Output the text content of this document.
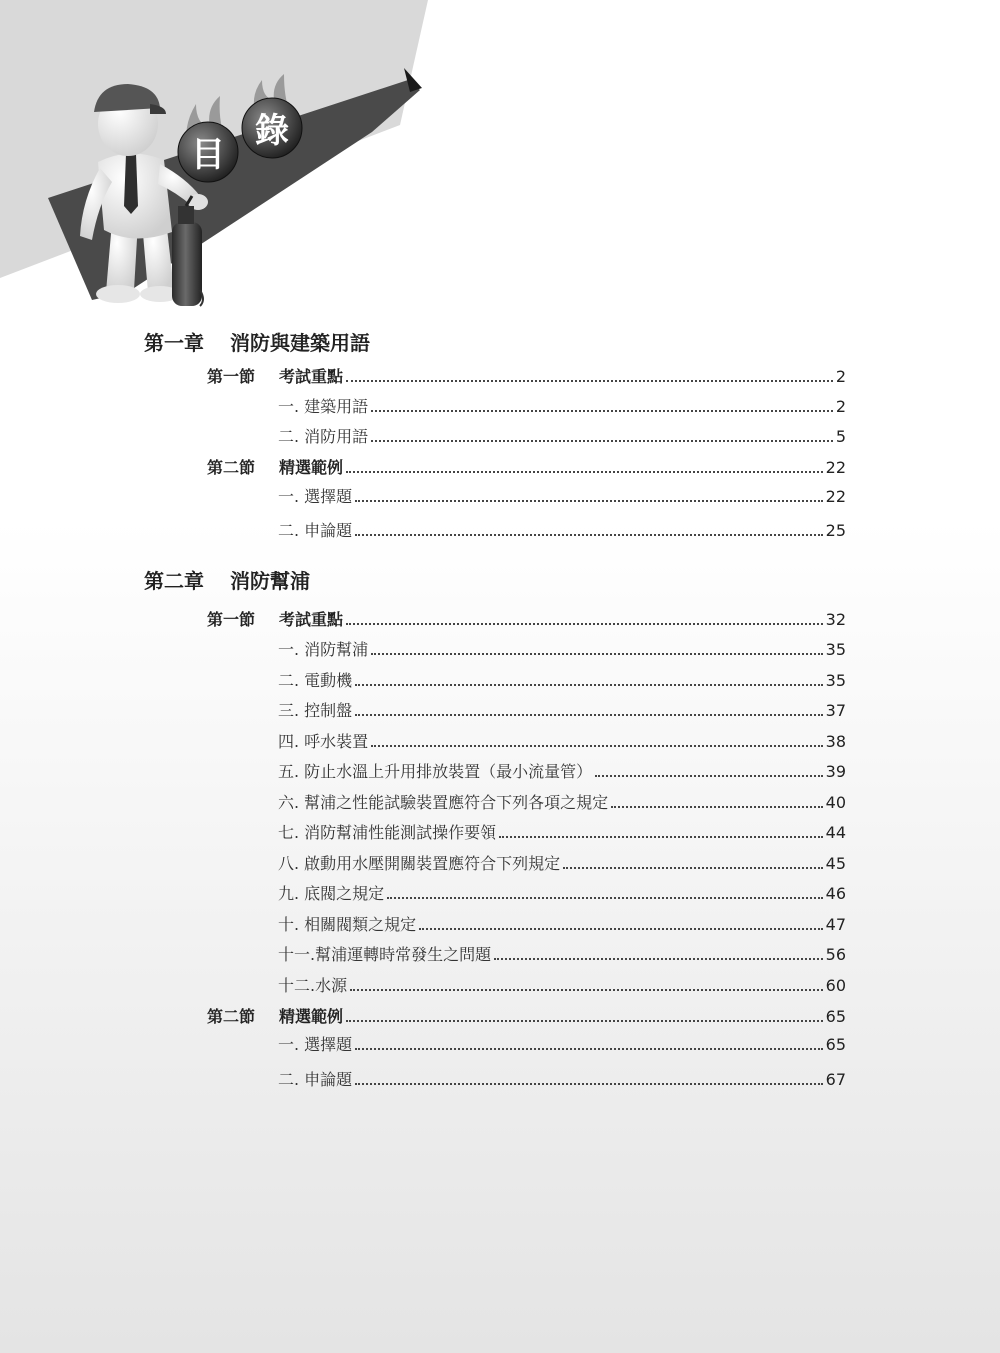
目
錄
第一章 消防與建築用語
第一節	考試重點	2
一. 建築用語	2
二. 消防用語	5
第二節	精選範例	22
一. 選擇題	22
二. 申論題	25
第二章 消防幫浦
第一節	考試重點	32
一. 消防幫浦	35
二. 電動機	35
三. 控制盤	37
四. 呼水裝置	38
五. 防止水溫上升用排放裝置（最小流量管）	39
六. 幫浦之性能試驗裝置應符合下列各項之規定	40
七. 消防幫浦性能測試操作要領	44
八. 啟動用水壓開關裝置應符合下列規定	45
九. 底閥之規定	46
十. 相關閥類之規定	47
十一.幫浦運轉時常發生之問題	56
十二.水源	60
第二節	精選範例	65
一. 選擇題	65
二. 申論題	67
